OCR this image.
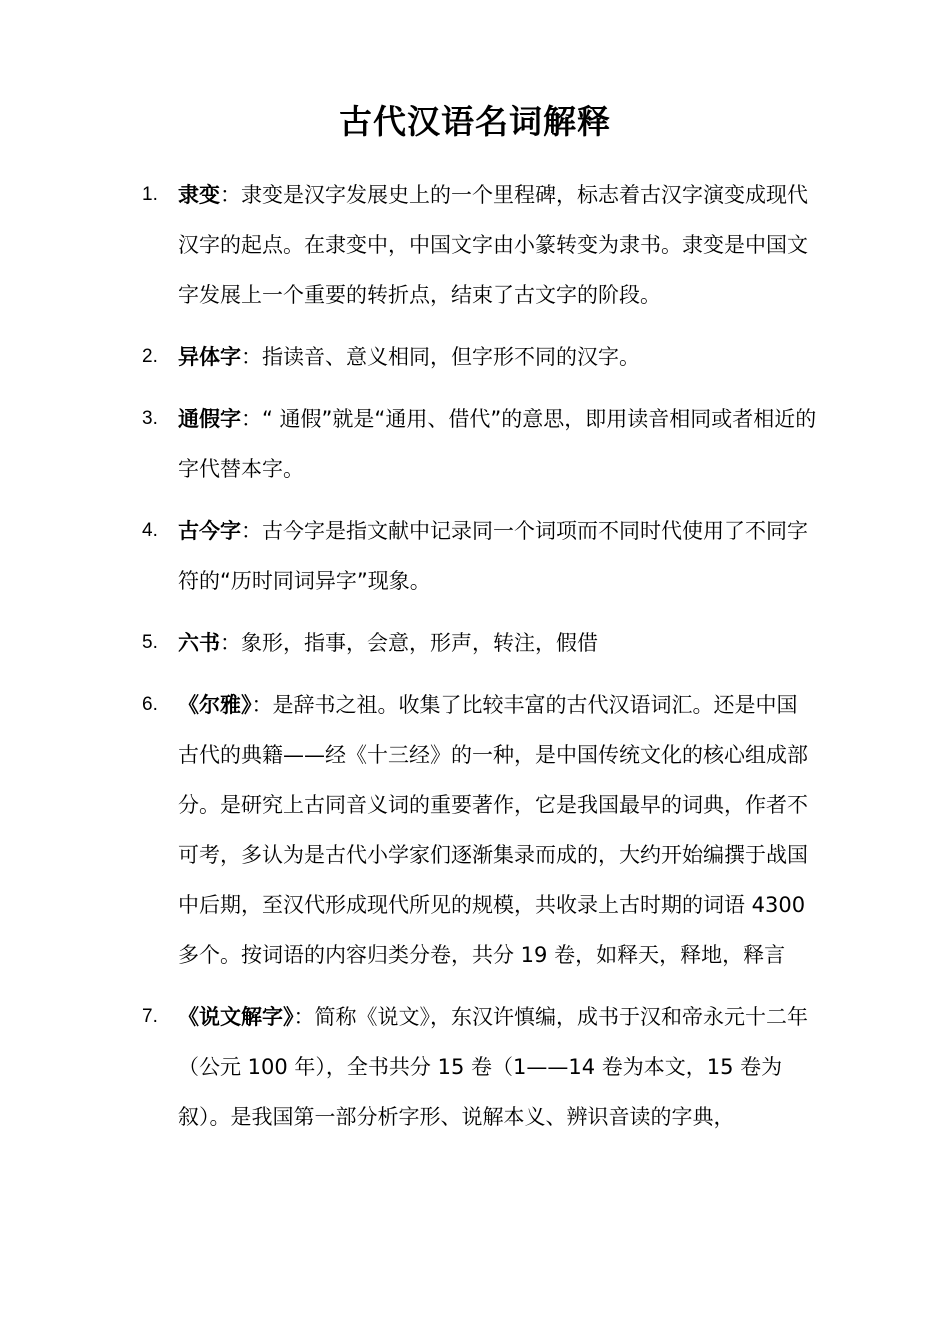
古代汉语名词解释
1. 隶变：隶变是汉字发展史上的一个里程碑，标志着古汉字演变成现代汉字的起点。在隶变中，中国文字由小篆转变为隶书。隶变是中国文字发展上一个重要的转折点，结束了古文字的阶段。
2. 异体字：指读音、意义相同，但字形不同的汉字。
3. 通假字：“ 通假”就是“通用、借代”的意思，即用读音相同或者相近的字代替本字。
4. 古今字：古今字是指文献中记录同一个词项而不同时代使用了不同字符的“历时同词异字”现象。
5. 六书：象形，指事，会意，形声，转注，假借
6. 《尔雅》：是辞书之祖。收集了比较丰富的古代汉语词汇。还是中国古代的典籍——经《十三经》的一种，是中国传统文化的核心组成部分。是研究上古同音义词的重要著作，它是我国最早的词典，作者不可考，多认为是古代小学家们逐渐集录而成的，大约开始编撰于战国中后期，至汉代形成现代所见的规模，共收录上古时期的词语 4300 多个。按词语的内容归类分卷，共分 19 卷，如释天，释地，释言
7. 《说文解字》：简称《说文》，东汉许慎编，成书于汉和帝永元十二年（公元 100 年），全书共分 15 卷（1——14 卷为本文，15 卷为叙）。是我国第一部分析字形、说解本义、辨识音读的字典，
